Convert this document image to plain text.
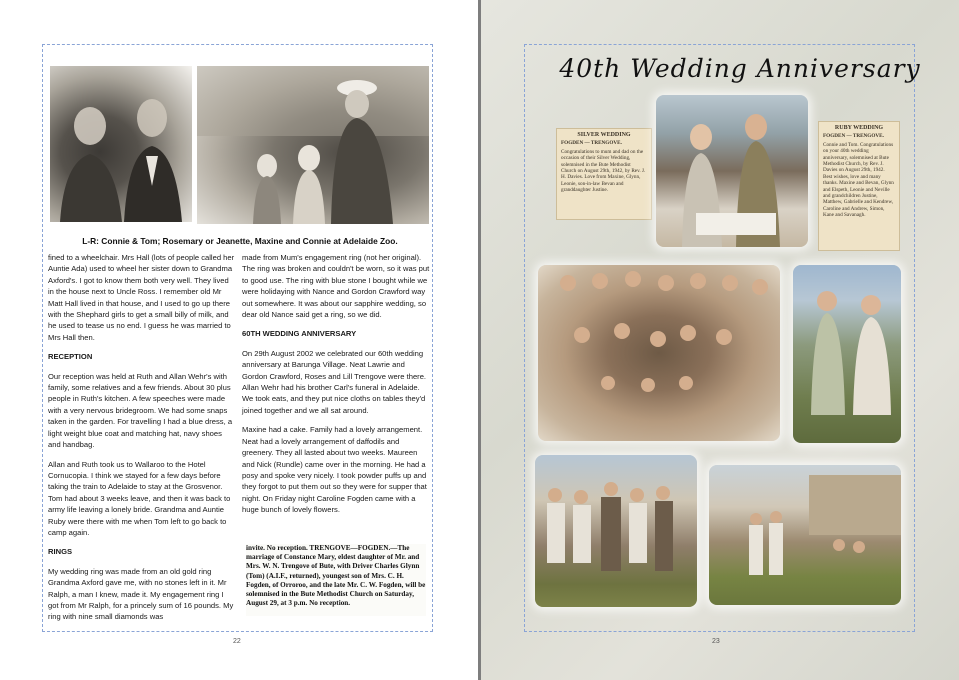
L-R: Connie & Tom; Rosemary or Jeanette, Maxine and Connie at Adelaide Zoo.

fined to a wheelchair. Mrs Hall (lots of people called her Auntie Ada) used to wheel her sister down to Grandma Axford's. I got to know them both very well. They lived in the house next to Uncle Ross. I remember old Mr Matt Hall lived in that house, and I used to go up there with the Shephard girls to get a small billy of milk, and he used to tease us no end. I guess he was married to Mrs Hall then.

RECEPTION

Our reception was held at Ruth and Allan Wehr's with family, some relatives and a few friends. About 30 plus people in Ruth's kitchen. A few speeches were made with a very nervous bridegroom. We had some snaps taken in the garden. For travelling I had a blue dress, a light weight blue coat and matching hat, navy shoes and handbag.

Allan and Ruth took us to Wallaroo to the Hotel Cornucopia. I think we stayed for a few days before taking the train to Adelaide to stay at the Grosvenor. Tom had about 3 weeks leave, and then it was back to army life leaving a lonely bride. Grandma and Auntie Ruby were there with me when Tom left to go back to camp again.

RINGS

My wedding ring was made from an old gold ring Grandma Axford gave me, with no stones left in it. Mr Ralph, a man I knew, made it. My engagement ring I got from Mr Ralph, for a princely sum of 16 pounds. My ring with nine small diamonds was

made from Mum's engagement ring (not her original). The ring was broken and couldn't be worn, so it was put to good use. The ring with blue stone I bought while we were holidaying with Nance and Gordon Crawford way out somewhere. It was about our sapphire wedding, so dear old Nance said get a ring, so we did.

60TH WEDDING ANNIVERSARY

On 29th August 2002 we celebrated our 60th wedding anniversary at Barunga Village. Neat Lawrie and Gordon Crawford, Roses and Lill Trengove were there. Allan Wehr had his brother Carl's funeral in Adelaide. We took eats, and they put nice cloths on tables they'd joined together and we all sat around.

Maxine had a cake. Family had a lovely arrangement. Neat had a lovely arrangement of daffodils and greenery. They all lasted about two weeks. Maureen and Nick (Rundle) came over in the morning. He had a posy and spoke very nicely. I took powder puffs up and they forgot to put them out so they were for supper that night. On Friday night Caroline Fogden came with a huge bunch of lovely flowers.

invite. No reception. TRENGOVE—FOGDEN.—The marriage of Constance Mary, eldest daughter of Mr. and Mrs. W. N. Trengove of Bute, with Driver Charles Glynn (Tom) (A.I.F., returned), youngest son of Mrs. C. H. Fogden, of Orroroo, and the late Mr. C. W. Fogden, will be solemnised in the Bute Methodist Church on Saturday, August 29, at 3 p.m. No reception.
22
40th Wedding Anniversary
SILVER WEDDING
FOGDEN — TRENGOVE.
Congratulations to mum and dad on the occasion of their Silver Wedding, solemnised in the Bute Methodist Church on August 29th, 1942, by Rev. J. H. Davies. Love from Maxine, Glynn, Leonie, son-in-law Bevan and granddaughter Justine.
RUBY WEDDING
FOGDEN — TRENGOVE.
Connie and Tom. Congratulations on your 40th wedding anniversary, solemnised at Bute Methodist Church, by Rev. J. Davies on August 29th, 1942. Best wishes, love and many thanks. Maxine and Bevan, Glynn and Elspeth, Leonie and Neville and grandchildren Justine, Matthew, Gabrielle and Kendrew, Caroline and Andrew, Simon, Kane and Savanagh.
23
